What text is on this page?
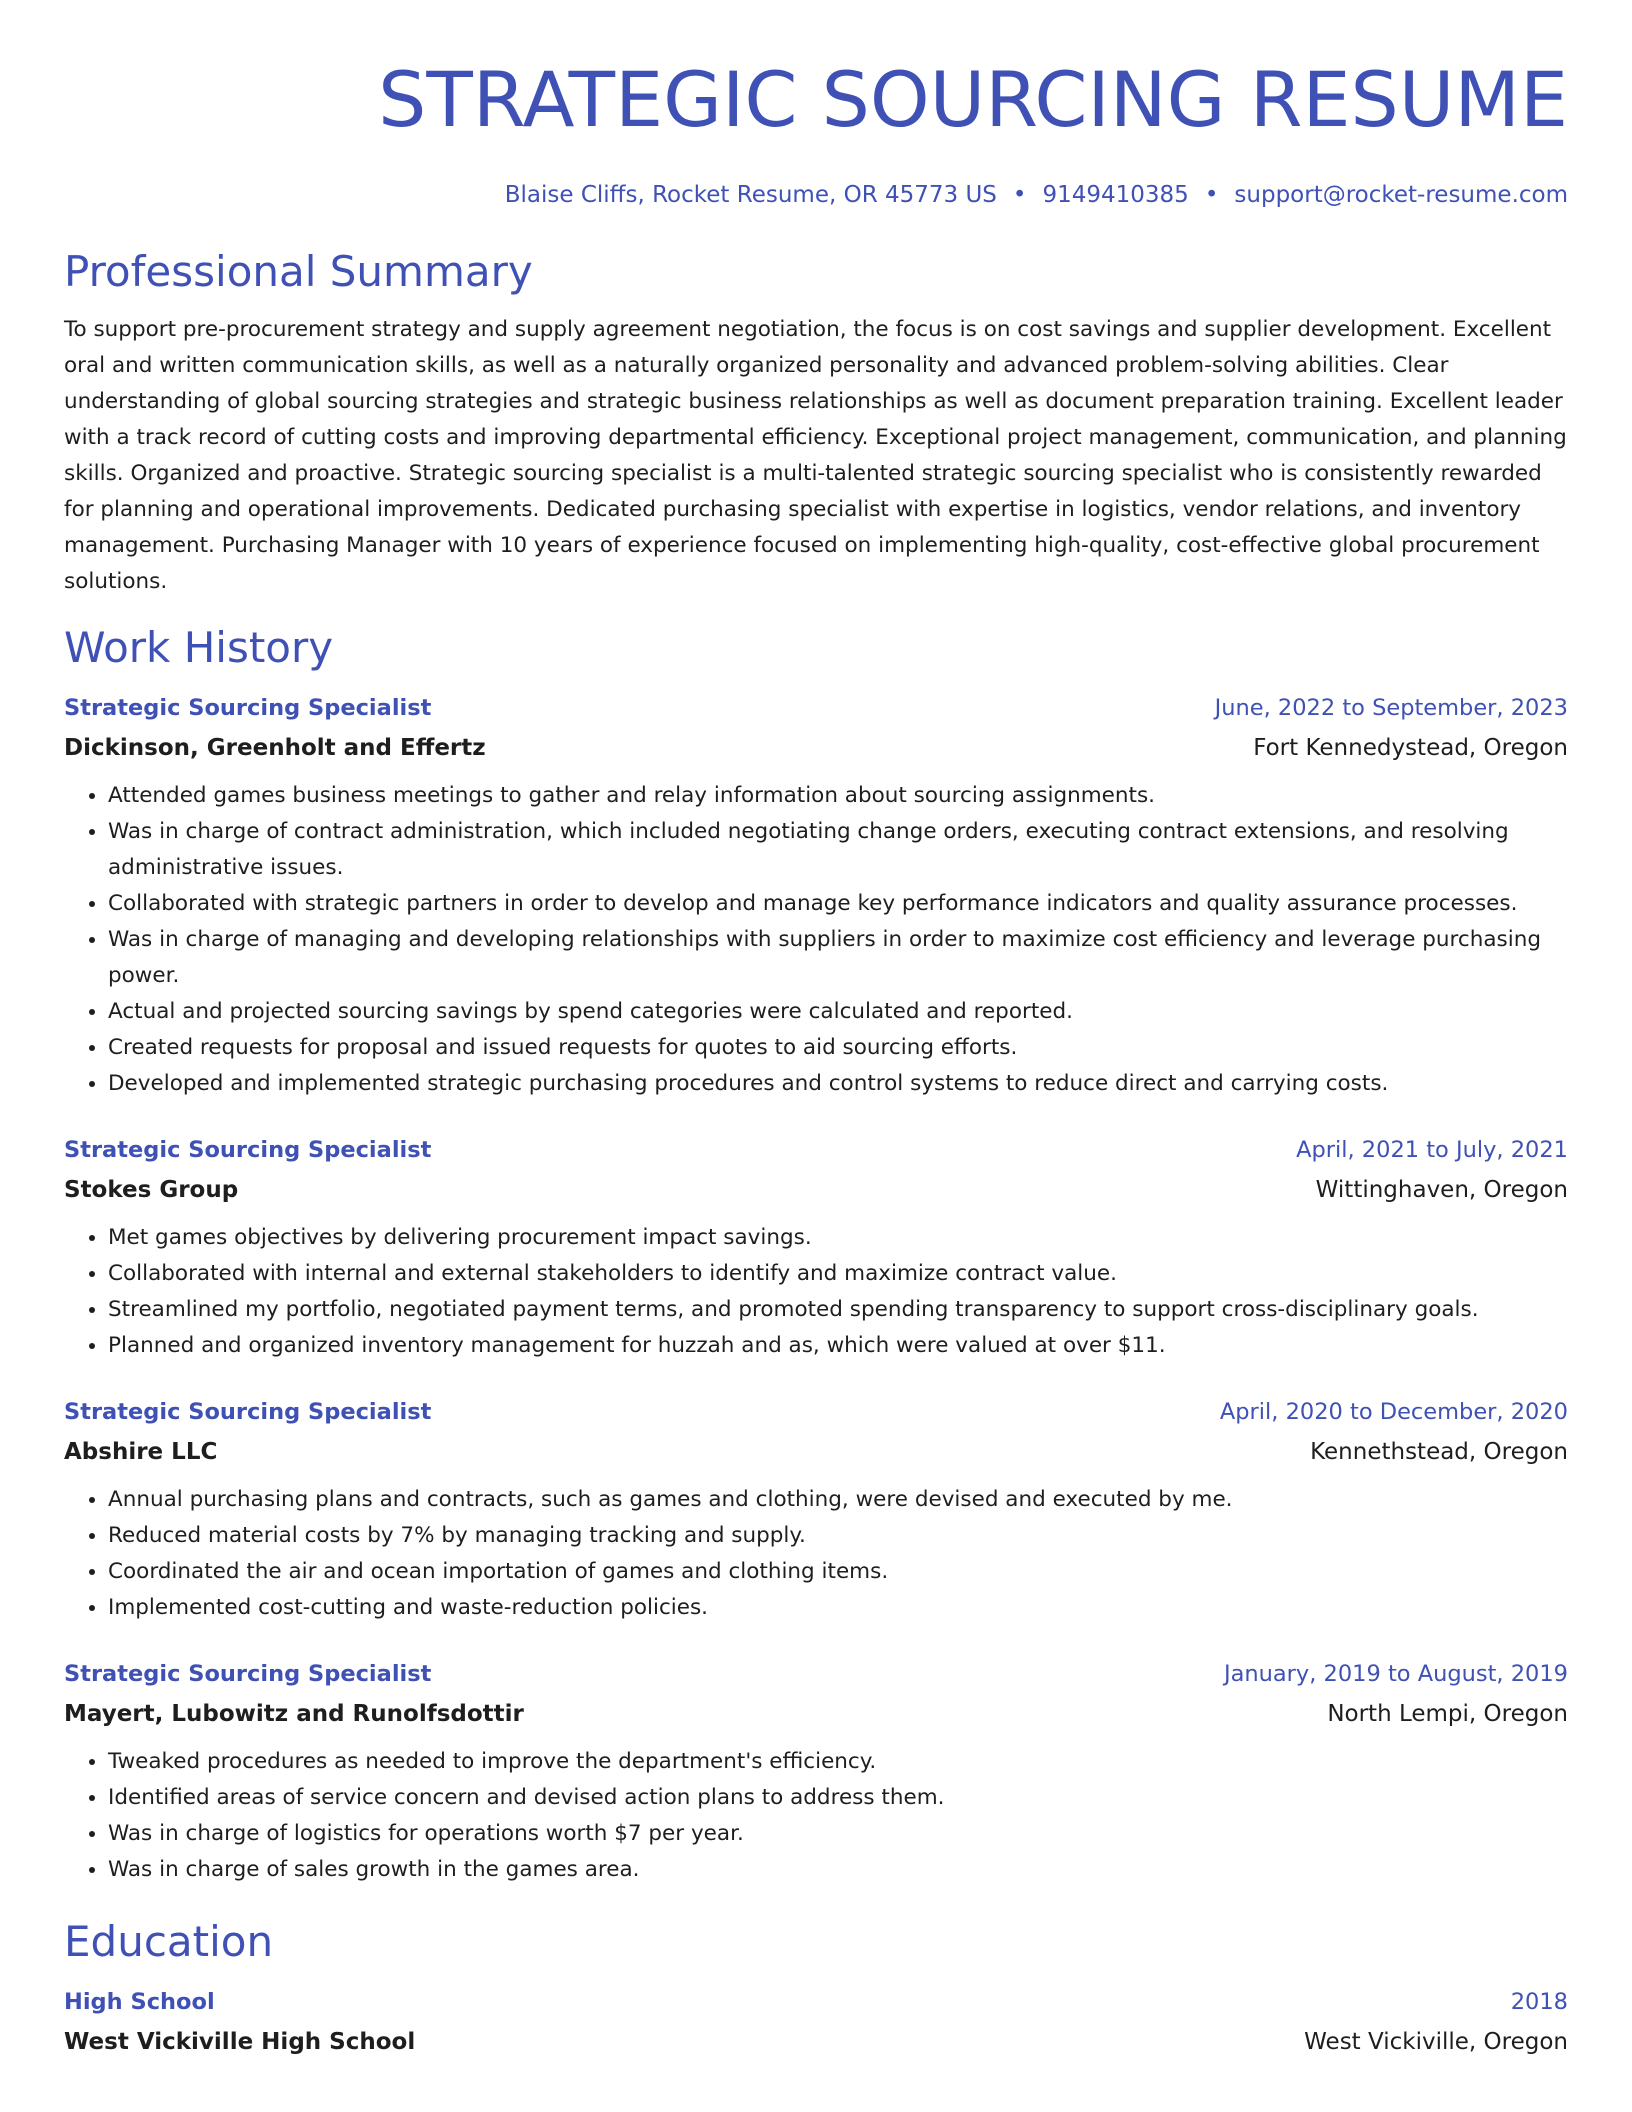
STRATEGIC SOURCING RESUME
Blaise Cliffs, Rocket Resume, OR 45773 US • 9149410385 • support@rocket-resume.com
Professional Summary
To support pre-procurement strategy and supply agreement negotiation, the focus is on cost savings and supplier development. Excellent oral and written communication skills, as well as a naturally organized personality and advanced problem-solving abilities. Clear understanding of global sourcing strategies and strategic business relationships as well as document preparation training. Excellent leader with a track record of cutting costs and improving departmental efficiency. Exceptional project management, communication, and planning skills. Organized and proactive. Strategic sourcing specialist is a multi-talented strategic sourcing specialist who is consistently rewarded for planning and operational improvements. Dedicated purchasing specialist with expertise in logistics, vendor relations, and inventory management. Purchasing Manager with 10 years of experience focused on implementing high-quality, cost-effective global procurement solutions.
Work History
Strategic Sourcing Specialist	June, 2022 to September, 2023
Dickinson, Greenholt and Effertz	Fort Kennedystead, Oregon
• Attended games business meetings to gather and relay information about sourcing assignments.
• Was in charge of contract administration, which included negotiating change orders, executing contract extensions, and resolving administrative issues.
• Collaborated with strategic partners in order to develop and manage key performance indicators and quality assurance processes.
• Was in charge of managing and developing relationships with suppliers in order to maximize cost efficiency and leverage purchasing power.
• Actual and projected sourcing savings by spend categories were calculated and reported.
• Created requests for proposal and issued requests for quotes to aid sourcing efforts.
• Developed and implemented strategic purchasing procedures and control systems to reduce direct and carrying costs.
Strategic Sourcing Specialist	April, 2021 to July, 2021
Stokes Group	Wittinghaven, Oregon
• Met games objectives by delivering procurement impact savings.
• Collaborated with internal and external stakeholders to identify and maximize contract value.
• Streamlined my portfolio, negotiated payment terms, and promoted spending transparency to support cross-disciplinary goals.
• Planned and organized inventory management for huzzah and as, which were valued at over $11.
Strategic Sourcing Specialist	April, 2020 to December, 2020
Abshire LLC	Kennethstead, Oregon
• Annual purchasing plans and contracts, such as games and clothing, were devised and executed by me.
• Reduced material costs by 7% by managing tracking and supply.
• Coordinated the air and ocean importation of games and clothing items.
• Implemented cost-cutting and waste-reduction policies.
Strategic Sourcing Specialist	January, 2019 to August, 2019
Mayert, Lubowitz and Runolfsdottir	North Lempi, Oregon
• Tweaked procedures as needed to improve the department's efficiency.
• Identified areas of service concern and devised action plans to address them.
• Was in charge of logistics for operations worth $7 per year.
• Was in charge of sales growth in the games area.
Education
High School	2018
West Vickiville High School	West Vickiville, Oregon
